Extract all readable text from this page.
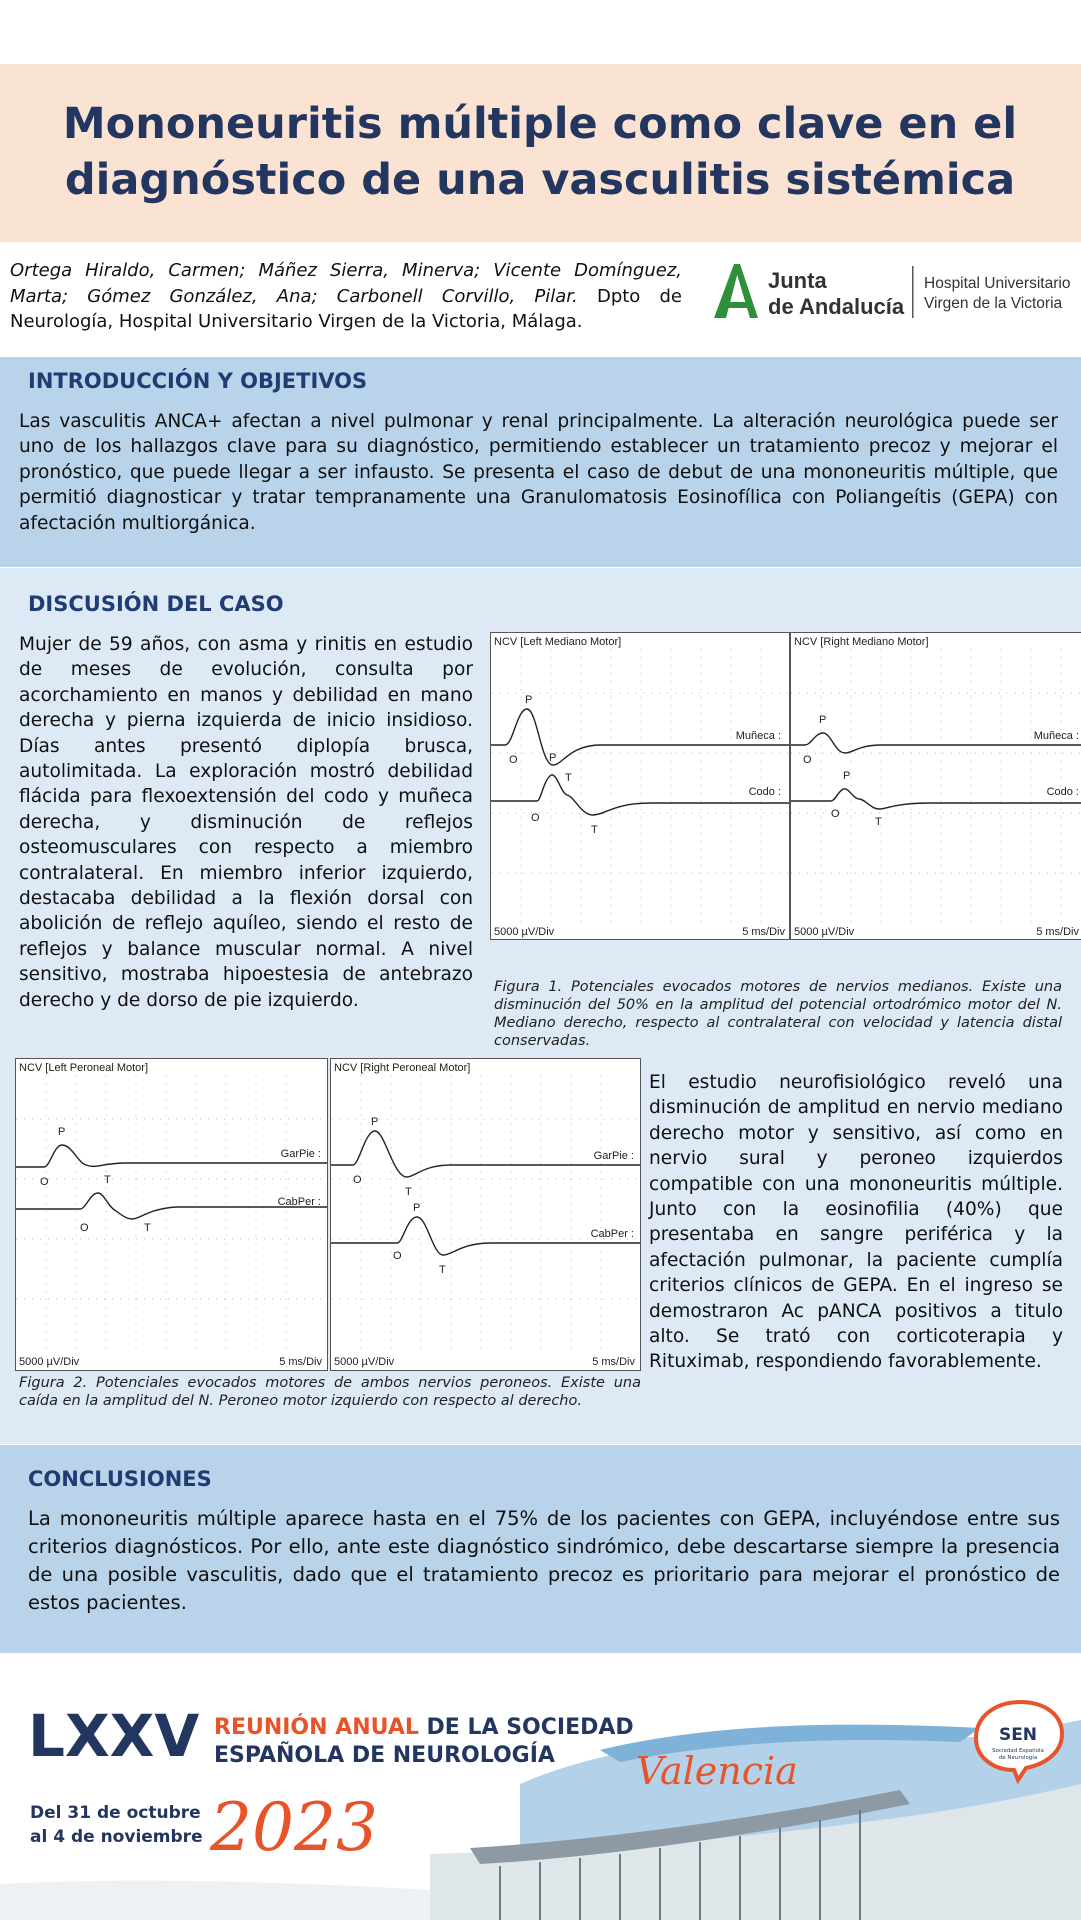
Mononeuritis múltiple como clave en el diagnóstico de una vasculitis sistémica

Ortega Hiraldo, Carmen; Máñez Sierra, Minerva; Vicente Domínguez, Marta; Gómez González, Ana; Carbonell Corvillo, Pilar. Dpto de Neurología, Hospital Universitario Virgen de la Victoria, Málaga.

Junta
de Andalucía
Hospital Universitario
Virgen de la Victoria
INTRODUCCIÓN Y OBJETIVOS

Las vasculitis ANCA+ afectan a nivel pulmonar y renal principalmente. La alteración neurológica puede ser uno de los hallazgos clave para su diagnóstico, permitiendo establecer un tratamiento precoz y mejorar el pronóstico, que puede llegar a ser infausto. Se presenta el caso de debut de una mononeuritis múltiple, que permitió diagnosticar y tratar tempranamente una Granulomatosis Eosinofílica con Poliangeítis (GEPA) con afectación multiorgánica.

DISCUSIÓN DEL CASO

Mujer de 59 años, con asma y rinitis en estudio de meses de evolución, consulta por acorchamiento en manos y debilidad en mano derecha y pierna izquierda de inicio insidioso. Días antes presentó diplopía brusca, autolimitada. La exploración mostró debilidad flácida para flexoextensión del codo y muñeca derecha, y disminución de reflejos osteomusculares con respecto a miembro contralateral. En miembro inferior izquierdo, destacaba debilidad a la flexión dorsal con abolición de reflejo aquíleo, siendo el resto de reflejos y balance muscular normal. A nivel sensitivo, mostraba hipoestesia de antebrazo derecho y de dorso de pie izquierdo.

NCV [Left Mediano Motor]
Muñeca :
Codo :
P
O	P
T
O
T
5000 µV/Div	5 ms/Div
NCV [Right Mediano Motor]
Muñeca :
Codo :
P
O
P
O
T
5000 µV/Div	5 ms/Div

Figura 1. Potenciales evocados motores de nervios medianos. Existe una disminución del 50% en la amplitud del potencial ortodrómico motor del N. Mediano derecho, respecto al contralateral con velocidad y latencia distal conservadas.

NCV [Left Peroneal Motor]
GarPie :
CabPer :
P
O	T
O	T
5000 µV/Div	5 ms/Div
NCV [Right Peroneal Motor]
GarPie :
CabPer :
P
O
T
P
O
T
5000 µV/Div	5 ms/Div

Figura 2. Potenciales evocados motores de ambos nervios peroneos. Existe una caída en la amplitud del N. Peroneo motor izquierdo con respecto al derecho.

El estudio neurofisiológico reveló una disminución de amplitud en nervio mediano derecho motor y sensitivo, así como en nervio sural y peroneo izquierdos compatible con una mononeuritis múltiple. Junto con la eosinofilia (40%) que presentaba en sangre periférica y la afectación pulmonar, la paciente cumplía criterios clínicos de GEPA. En el ingreso se demostraron Ac pANCA positivos a titulo alto. Se trató con corticoterapia y Rituximab, respondiendo favorablemente.

CONCLUSIONES

La mononeuritis múltiple aparece hasta en el 75% de los pacientes con GEPA, incluyéndose entre sus criterios diagnósticos. Por ello, ante este diagnóstico sindrómico, debe descartarse siempre la presencia de una posible vasculitis, dado que el tratamiento precoz es prioritario para mejorar el pronóstico de estos pacientes.

LXXV REUNIÓN ANUAL DE LA SOCIEDAD
ESPAÑOLA DE NEUROLOGÍA
Del 31 de octubre
al 4 de noviembre 2023
Valencia
SEN
Sociedad Española
de Neurología
